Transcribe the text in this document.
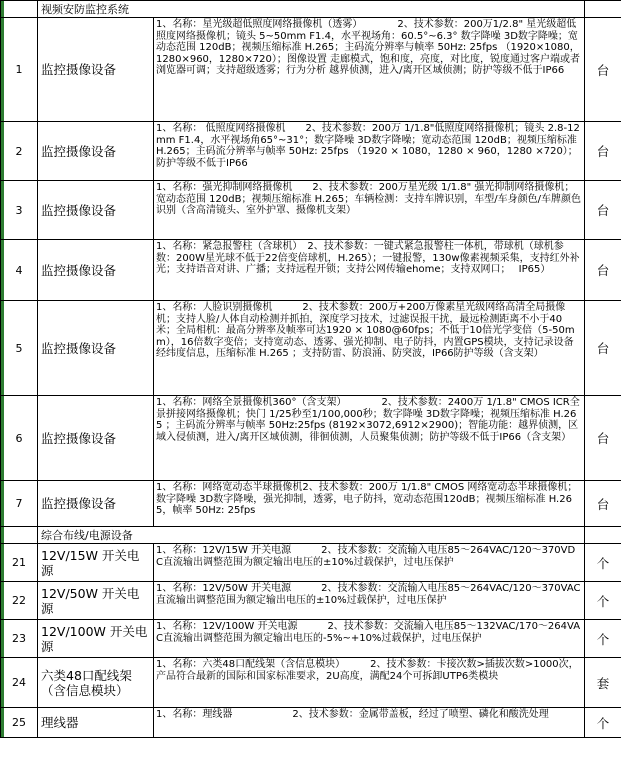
	视频安防监控系统		
1	监控摄像设备	1、名称：星光级超低照度网络摄像机（透雾）　　　　2、技术参数：200万1/2.8" 星光级超低照度网络摄像机；镜头 5~50mm F1.4，水平视场角：60.5°~6.3° 数字降噪 3D数字降噪；宽动态范围 120dB；视频压缩标准 H.265；主码流分辨率与帧率 50Hz: 25fps （1920×1080，1280×960，1280×720）；图像设置 走廊模式，饱和度，亮度，对比度，锐度通过客户端或者浏览器可调；支持超级透雾；行为分析 越界侦测，进入/离开区域侦测；防护等级不低于IP66	台
2	监控摄像设备	1、名称： 低照度网络摄像机　　2、技术参数：200万 1/1.8"低照度网络摄像机；镜头 2.8-12mm F1.4，水平视场角65°~31°；数字降噪 3D数字降噪；宽动态范围 120dB；视频压缩标准 H.265；主码流分辨率与帧率 50Hz: 25fps （1920 × 1080，1280 × 960，1280 ×720）；防护等级不低于IP66	台
3	监控摄像设备	1、名称：强光抑制网络摄像机　　2、技术参数：200万星光级 1/1.8" 强光抑制网络摄像机；宽动态范围 120dB；视频压缩标准 H.265；车辆检测：支持车牌识别，车型/车身颜色/车牌颜色识别（含高清镜头、室外护罩、摄像机支架）	台
4	监控摄像设备	1、名称：紧急报警柱（含球机）　2、技术参数：一键式紧急报警柱一体机，带球机（球机参数：200W星光球不低于22倍变倍球机，H.265）；一键报警，130w像素视频采集，支持红外补光；支持语音对讲、广播；支持远程开锁；支持公网传输ehome；支持双网口；　 IP65）	台
5	监控摄像设备	1、名称：人脸识别摄像机　　　2、技术参数：200万+200万像素星光级网络高清全局摄像机；支持人脸/人体自动检测并抓拍，深度学习技术，过滤误报干扰，最远检测距离不小于40米；全局相机：最高分辨率及帧率可达1920 × 1080@60fps；不低于10倍光学变倍（5-50mm），16倍数字变倍；支持宽动态、透雾、强光抑制、电子防抖，内置GPS模块，支持记录设备经纬度信息，压缩标准 H.265 ；支持防雷、防浪涌、防突波，IP66防护等级（含支架）	台
6	监控摄像设备	1、名称：网络全景摄像机360°（含支架）　　　　2、技术参数：2400万 1/1.8" CMOS ICR全景拼接网络摄像机；快门 1/25秒至1/100,000秒；数字降噪 3D数字降噪；视频压缩标准 H.265 ；主码流分辨率与帧率 50Hz:25fps (8192×3072,6912×2900)；智能功能：越界侦测，区域入侵侦测，进入/离开区域侦测，徘徊侦测，人员聚集侦测；防护等级不低于IP66（含支架）	台
7	监控摄像设备	1、名称：网络宽动态半球摄像机2、技术参数：200万 1/1.8" CMOS 网络宽动态半球摄像机；数字降噪 3D数字降噪，强光抑制，透雾，电子防抖，宽动态范围120dB；视频压缩标准 H.265，帧率 50Hz: 25fps	台
	综合布线/电源设备		
21	12V/15W 开关电源	1、名称：12V/15W 开关电源　　　2、技术参数：交流输入电压85～264VAC/120～370VDC直流输出调整范围为额定输出电压的±10%过载保护，过电压保护	个
22	12V/50W 开关电源	1、名称：12V/50W 开关电源　　　2、技术参数：交流输入电压85～264VAC/120～370VAC直流输出调整范围为额定输出电压的±10%过载保护，过电压保护	个
23	12V/100W 开关电源	1、名称：12V/100W 开关电源　　　2、技术参数：交流输入电压85～132VAC/170～264VAC直流输出调整范围为额定输出电压的-5%~+10%过载保护，过电压保护	个
24	六类48口配线架（含信息模块）	1、名称：六类48口配线架（含信息模块）　　　2、技术参数：卡接次数>插拔次数>1000次，产品符合最新的国际和国家标准要求，2U高度，满配24个可拆卸UTP6类模块	套
25	理线器	1、名称：理线器　　　　　　2、技术参数：金属带盖板，经过了喷塑、磷化和酸洗处理	个
